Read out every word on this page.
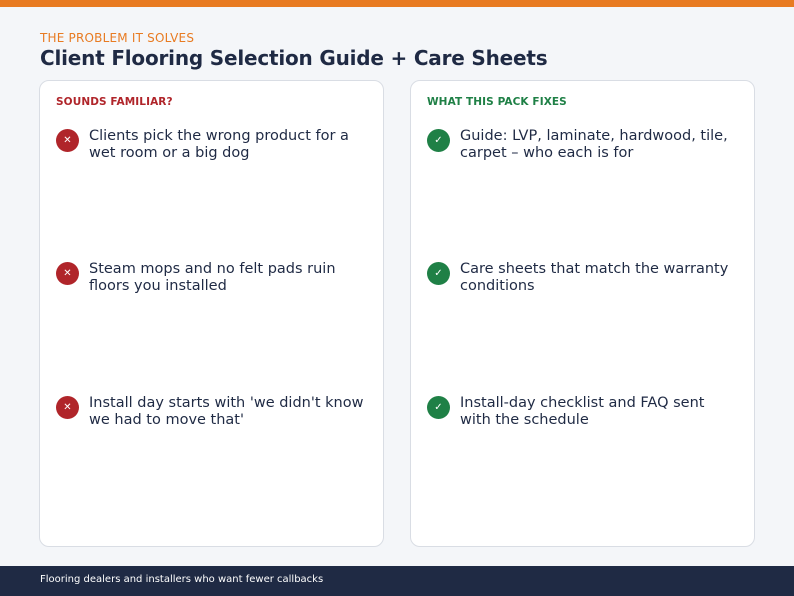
THE PROBLEM IT SOLVES
Client Flooring Selection Guide + Care Sheets
SOUNDS FAMILIAR?
✕	Clients pick the wrong product for a wet room or a big dog
✕	Steam mops and no felt pads ruin floors you installed
✕	Install day starts with 'we didn't know we had to move that'
WHAT THIS PACK FIXES
✓	Guide: LVP, laminate, hardwood, tile, carpet – who each is for
✓	Care sheets that match the warranty conditions
✓	Install-day checklist and FAQ sent with the schedule
Flooring dealers and installers who want fewer callbacks
